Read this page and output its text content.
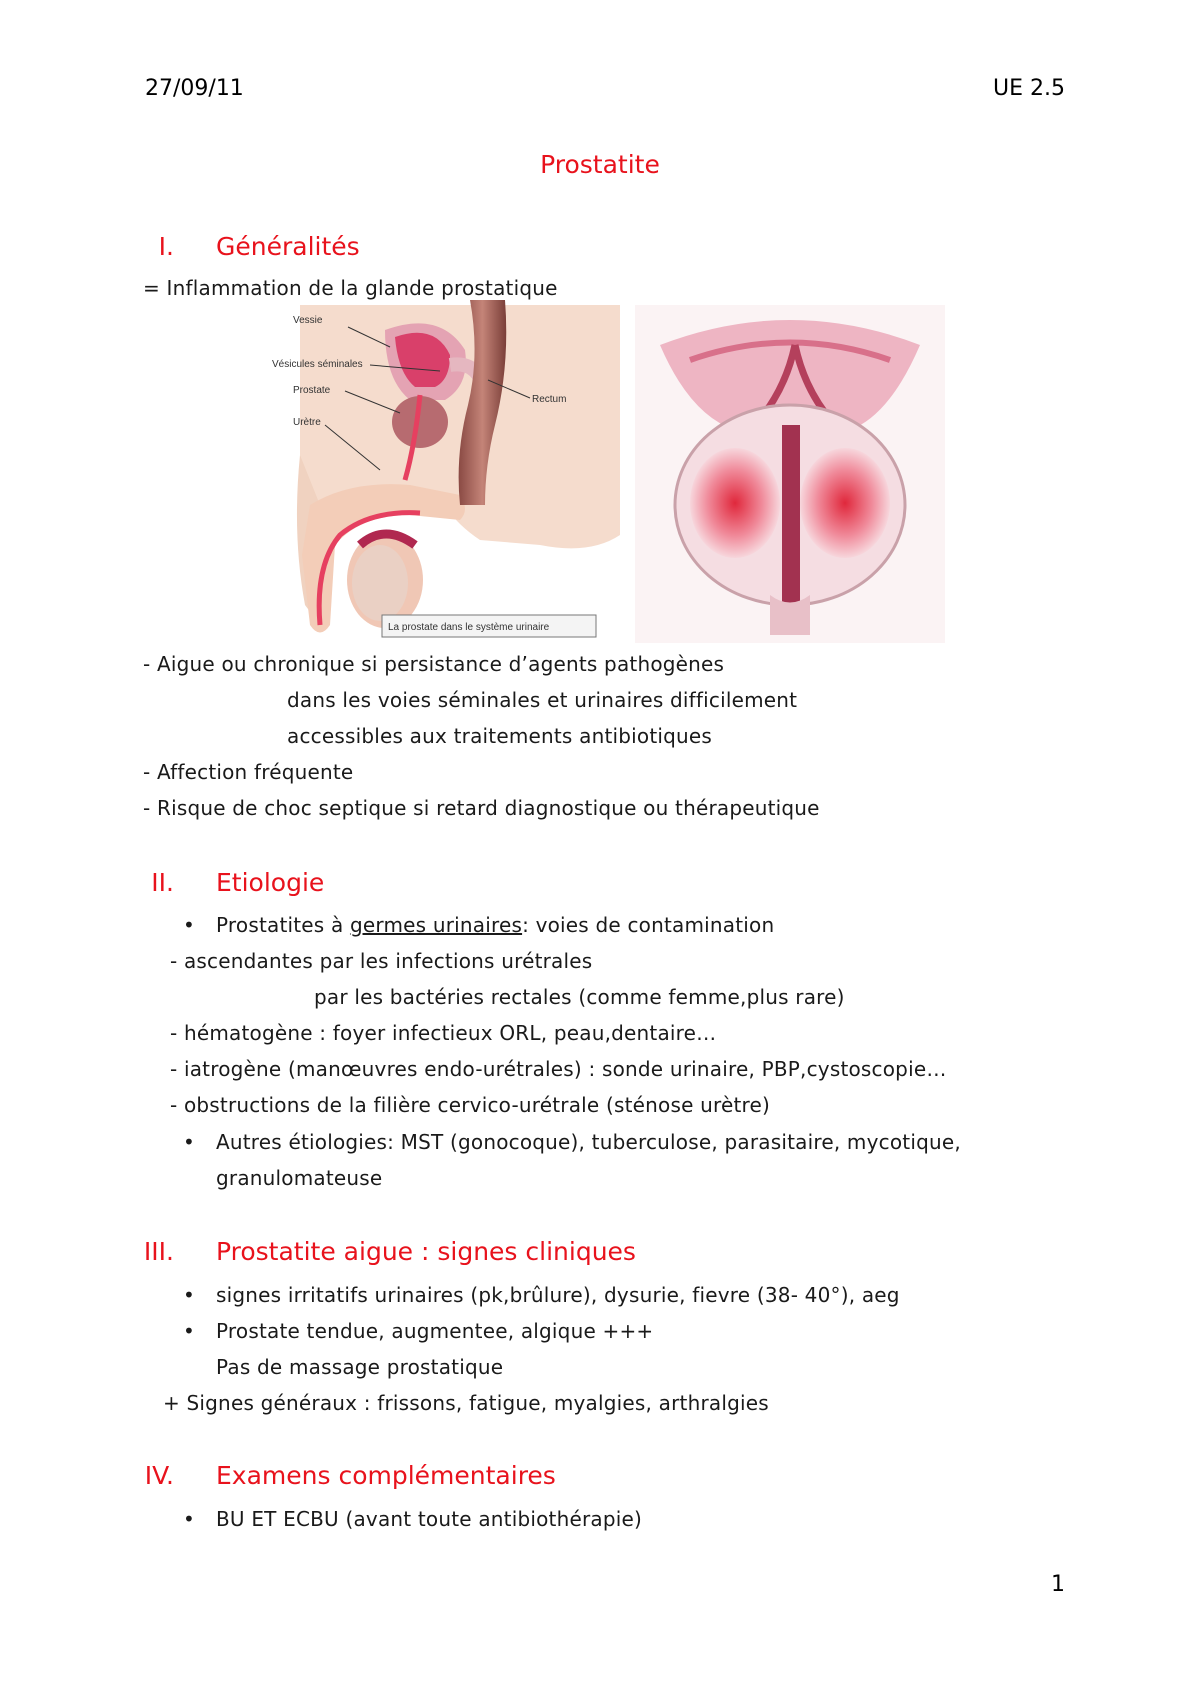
27/09/11	UE 2.5
Prostatite
I. Généralités
= Inflammation de la glande prostatique
Vessie
Vésicules séminales
Prostate
Urètre
Rectum
La prostate dans le système urinaire
- Aigue ou chronique si persistance d’agents pathogènes
dans les voies séminales et urinaires difficilement
accessibles aux traitements antibiotiques
- Affection fréquente
- Risque de choc septique si retard diagnostique ou thérapeutique
II. Etiologie
• Prostatites à germes urinaires: voies de contamination
- ascendantes par les infections urétrales
par les bactéries rectales (comme femme,plus rare)
- hématogène : foyer infectieux ORL, peau,dentaire…
- iatrogène (manœuvres endo-urétrales) : sonde urinaire, PBP,cystoscopie…
- obstructions de la filière cervico-urétrale (sténose urètre)
• Autres étiologies: MST (gonocoque), tuberculose, parasitaire, mycotique,
granulomateuse
III. Prostatite aigue : signes cliniques
• signes irritatifs urinaires (pk,brûlure), dysurie, fievre (38- 40°), aeg
• Prostate tendue, augmentee, algique +++
Pas de massage prostatique
+ Signes généraux : frissons, fatigue, myalgies, arthralgies
IV. Examens complémentaires
• BU ET ECBU (avant toute antibiothérapie)
1
